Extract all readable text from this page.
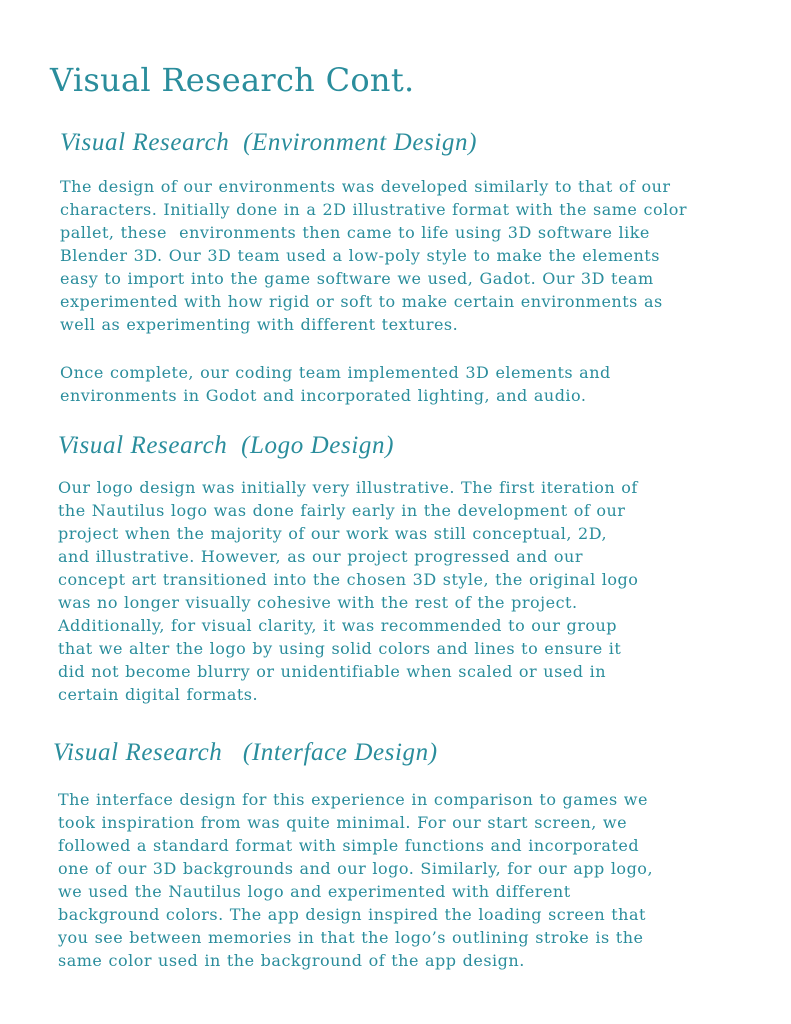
Visual Research Cont.
Visual Research  (Environment Design)

The design of our environments was developed similarly to that of our
characters. Initially done in a 2D illustrative format with the same color
pallet, these  environments then came to life using 3D software like
Blender 3D. Our 3D team used a low-poly style to make the elements
easy to import into the game software we used, Gadot. Our 3D team
experimented with how rigid or soft to make certain environments as
well as experimenting with different textures.

Once complete, our coding team implemented 3D elements and
environments in Godot and incorporated lighting, and audio.

Visual Research  (Logo Design)

Our logo design was initially very illustrative. The first iteration of
the Nautilus logo was done fairly early in the development of our
project when the majority of our work was still conceptual, 2D,
and illustrative. However, as our project progressed and our
concept art transitioned into the chosen 3D style, the original logo
was no longer visually cohesive with the rest of the project.
Additionally, for visual clarity, it was recommended to our group
that we alter the logo by using solid colors and lines to ensure it
did not become blurry or unidentifiable when scaled or used in
certain digital formats.

Visual Research   (Interface Design)

The interface design for this experience in comparison to games we
took inspiration from was quite minimal. For our start screen, we
followed a standard format with simple functions and incorporated
one of our 3D backgrounds and our logo. Similarly, for our app logo,
we used the Nautilus logo and experimented with different
background colors. The app design inspired the loading screen that
you see between memories in that the logo’s outlining stroke is the
same color used in the background of the app design.
